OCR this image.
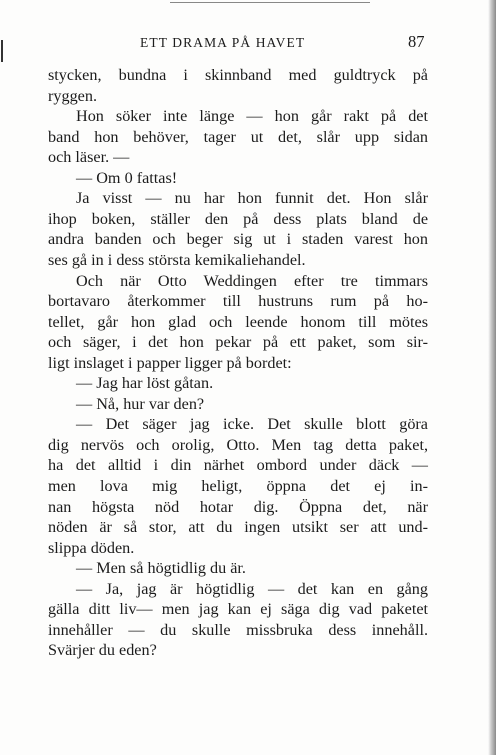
ETT DRAMA PÅ HAVET	87
stycken, bundna i skinnband med guldtryck på
ryggen.
Hon söker inte länge — hon går rakt på det
band hon behöver, tager ut det, slår upp sidan
och läser. —
— Om 0 fattas!
Ja visst — nu har hon funnit det. Hon slår
ihop boken, ställer den på dess plats bland de
andra banden och beger sig ut i staden varest hon
ses gå in i dess största kemikaliehandel.
Och när Otto Weddingen efter tre timmars
bortavaro återkommer till hustruns rum på ho-
tellet, går hon glad och leende honom till mötes
och säger, i det hon pekar på ett paket, som sir-
ligt inslaget i papper ligger på bordet:
— Jag har löst gåtan.
— Nå, hur var den?
— Det säger jag icke. Det skulle blott göra
dig nervös och orolig, Otto. Men tag detta paket,
ha det alltid i din närhet ombord under däck —
men lova mig heligt, öppna det ej in-
nan högsta nöd hotar dig. Öppna det, när
nöden är så stor, att du ingen utsikt ser att und-
slippa döden.
— Men så högtidlig du är.
— Ja, jag är högtidlig — det kan en gång
gälla ditt liv— men jag kan ej säga dig vad paketet
innehåller — du skulle missbruka dess innehåll.
Svärjer du eden?
